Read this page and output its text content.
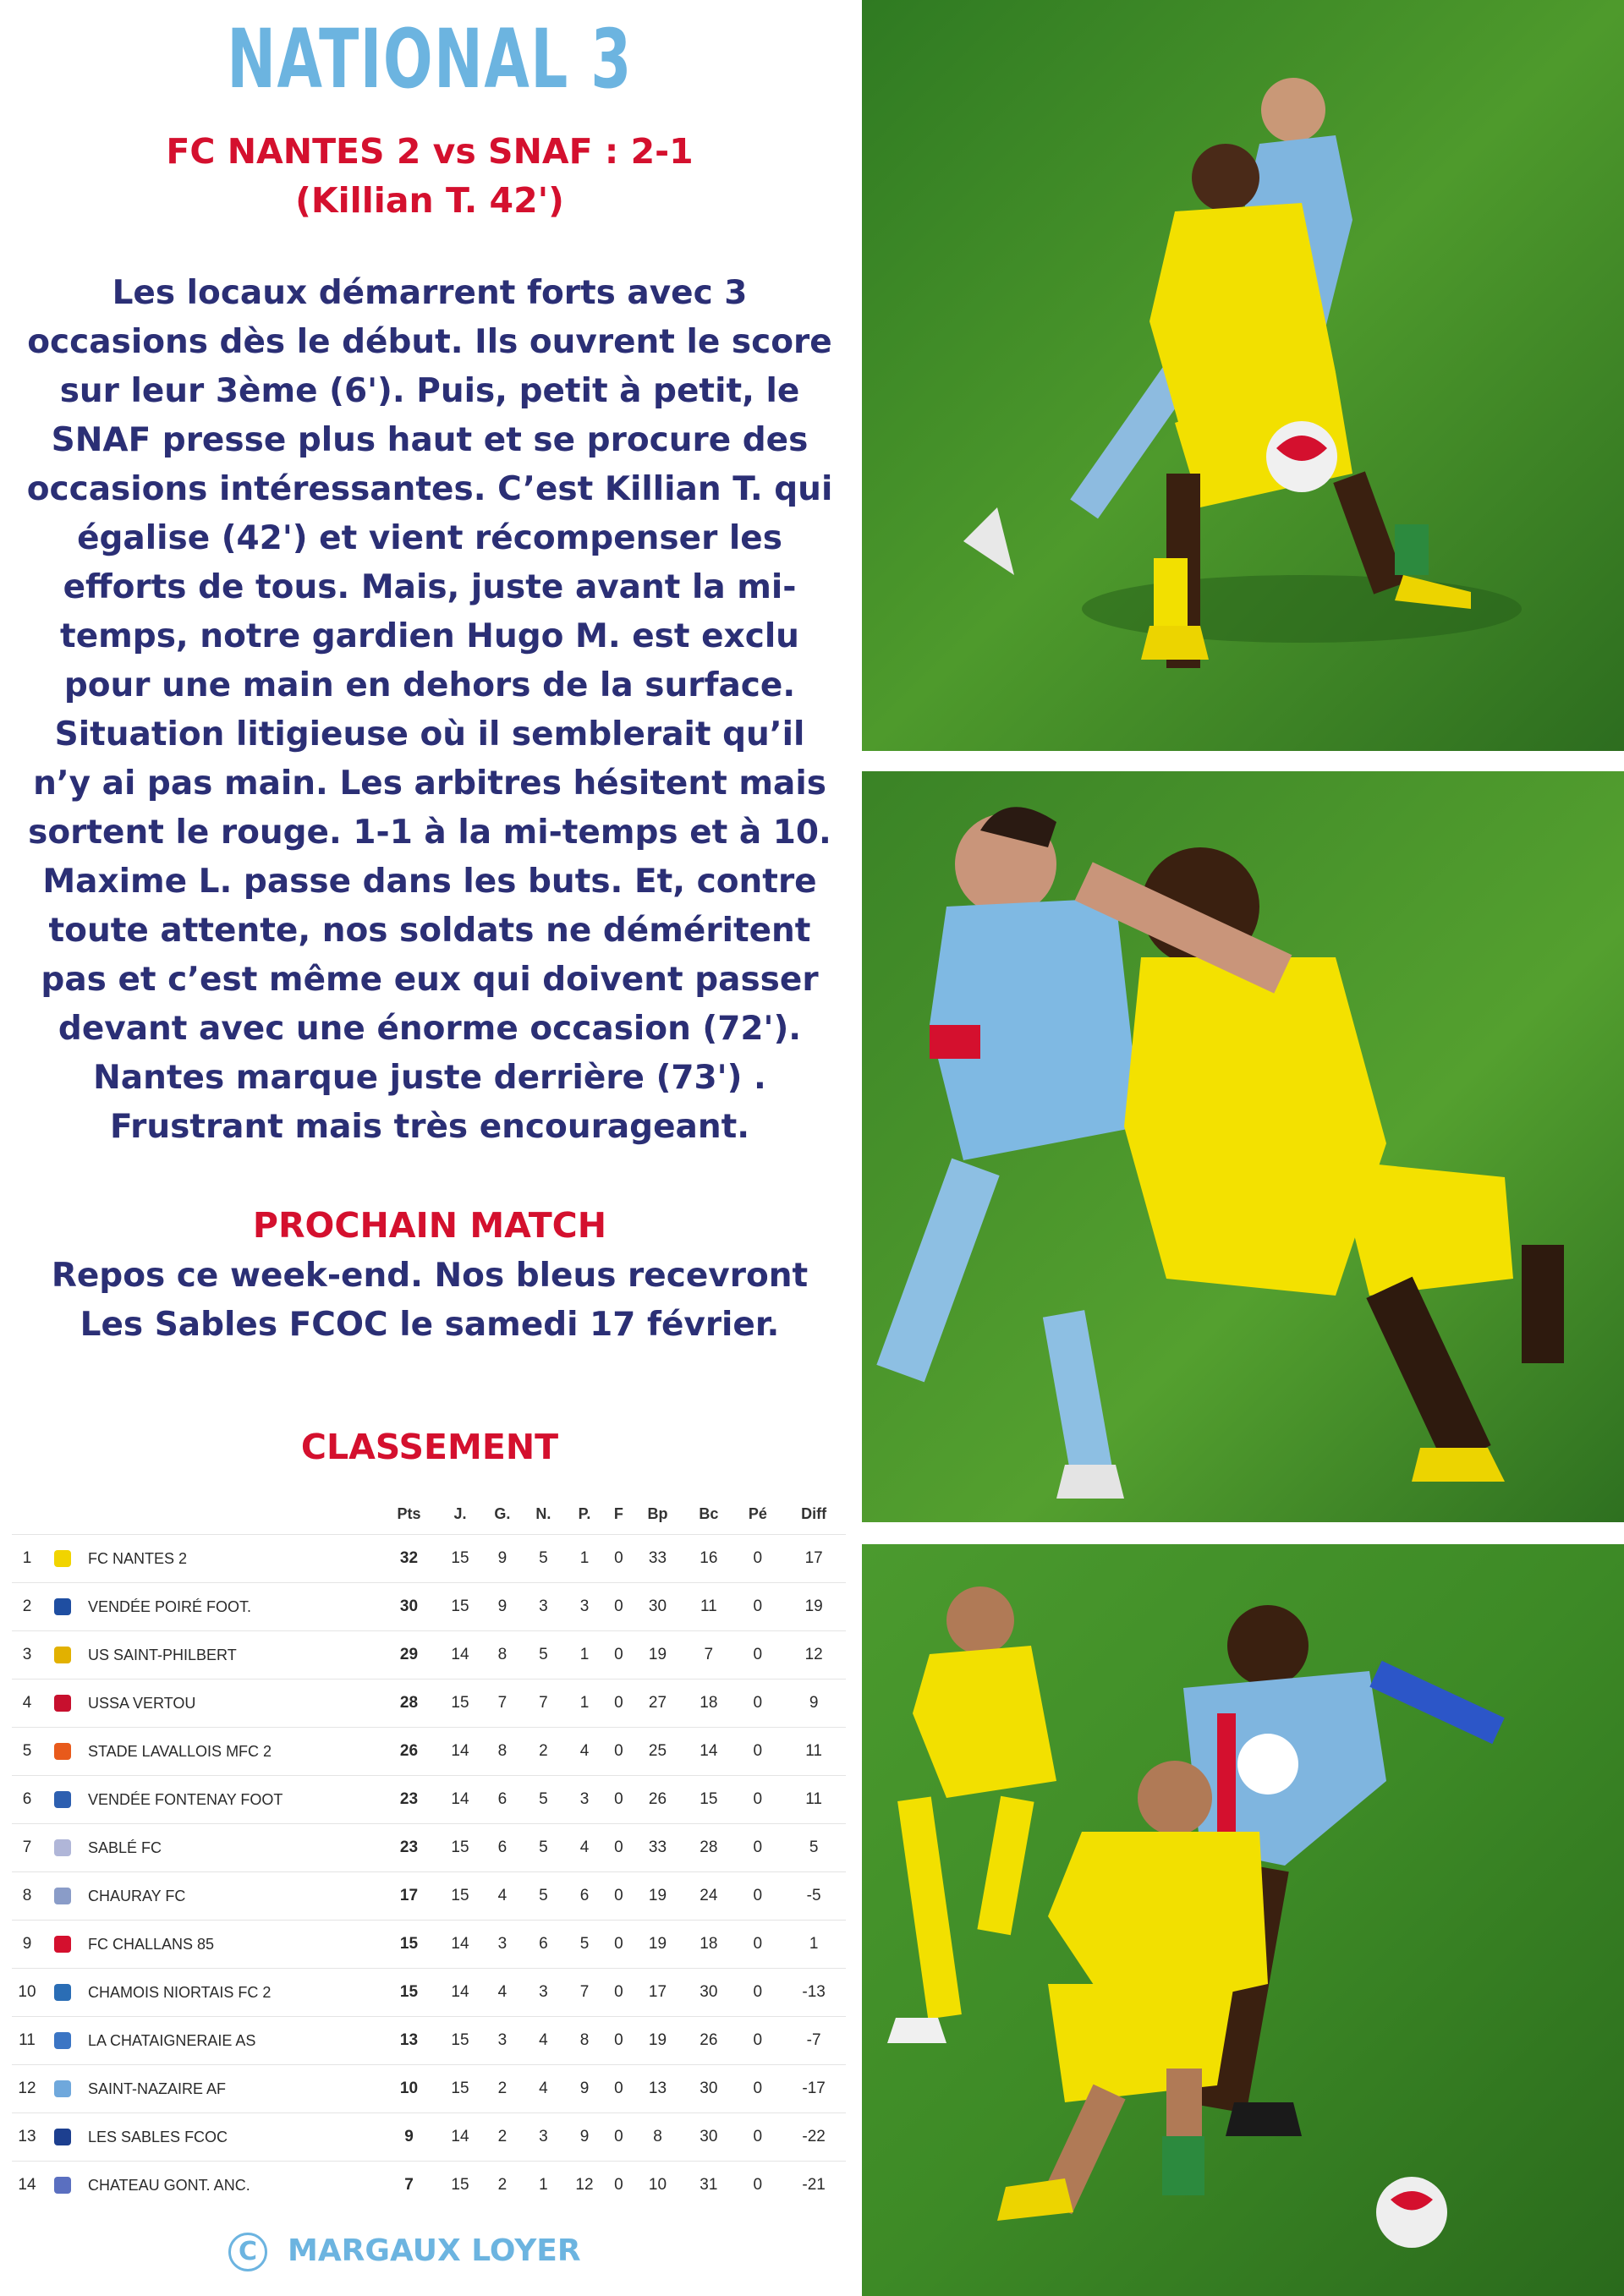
NATIONAL 3
FC NANTES 2 vs SNAF : 2-1
(Killian T. 42')
Les locaux démarrent forts avec 3 occasions dès le début. Ils ouvrent le score sur leur 3ème (6'). Puis, petit à petit, le SNAF presse plus haut et se procure des occasions intéressantes. C’est Killian T. qui égalise (42') et vient récompenser les efforts de tous. Mais, juste avant la mi-temps, notre gardien Hugo M. est exclu pour une main en dehors de la surface. Situation litigieuse où il semblerait qu’il n’y ai pas main. Les arbitres hésitent mais sortent le rouge. 1-1 à la mi-temps et à 10. Maxime L. passe dans les buts. Et, contre toute attente, nos soldats ne déméritent pas et c’est même eux qui doivent passer devant avec une énorme occasion (72'). Nantes marque juste derrière (73') . Frustrant mais très encourageant.
PROCHAIN MATCH
Repos ce week-end. Nos bleus recevront Les Sables FCOC le samedi 17 février.
CLASSEMENT
			Pts	J.	G.	N.	P.	F	Bp	Bc	Pé	Diff
1		FC NANTES 2	32	15	9	5	1	0	33	16	0	17
2		VENDÉE POIRÉ FOOT.	30	15	9	3	3	0	30	11	0	19
3		US SAINT-PHILBERT	29	14	8	5	1	0	19	7	0	12
4		USSA VERTOU	28	15	7	7	1	0	27	18	0	9
5		STADE LAVALLOIS MFC 2	26	14	8	2	4	0	25	14	0	11
6		VENDÉE FONTENAY FOOT	23	14	6	5	3	0	26	15	0	11
7		SABLÉ FC	23	15	6	5	4	0	33	28	0	5
8		CHAURAY FC	17	15	4	5	6	0	19	24	0	-5
9		FC CHALLANS 85	15	14	3	6	5	0	19	18	0	1
10		CHAMOIS NIORTAIS FC 2	15	14	4	3	7	0	17	30	0	-13
11		LA CHATAIGNERAIE AS	13	15	3	4	8	0	19	26	0	-7
12		SAINT-NAZAIRE AF	10	15	2	4	9	0	13	30	0	-17
13		LES SABLES FCOC	9	14	2	3	9	0	8	30	0	-22
14		CHATEAU GONT. ANC.	7	15	2	1	12	0	10	31	0	-21
C MARGAUX LOYER
